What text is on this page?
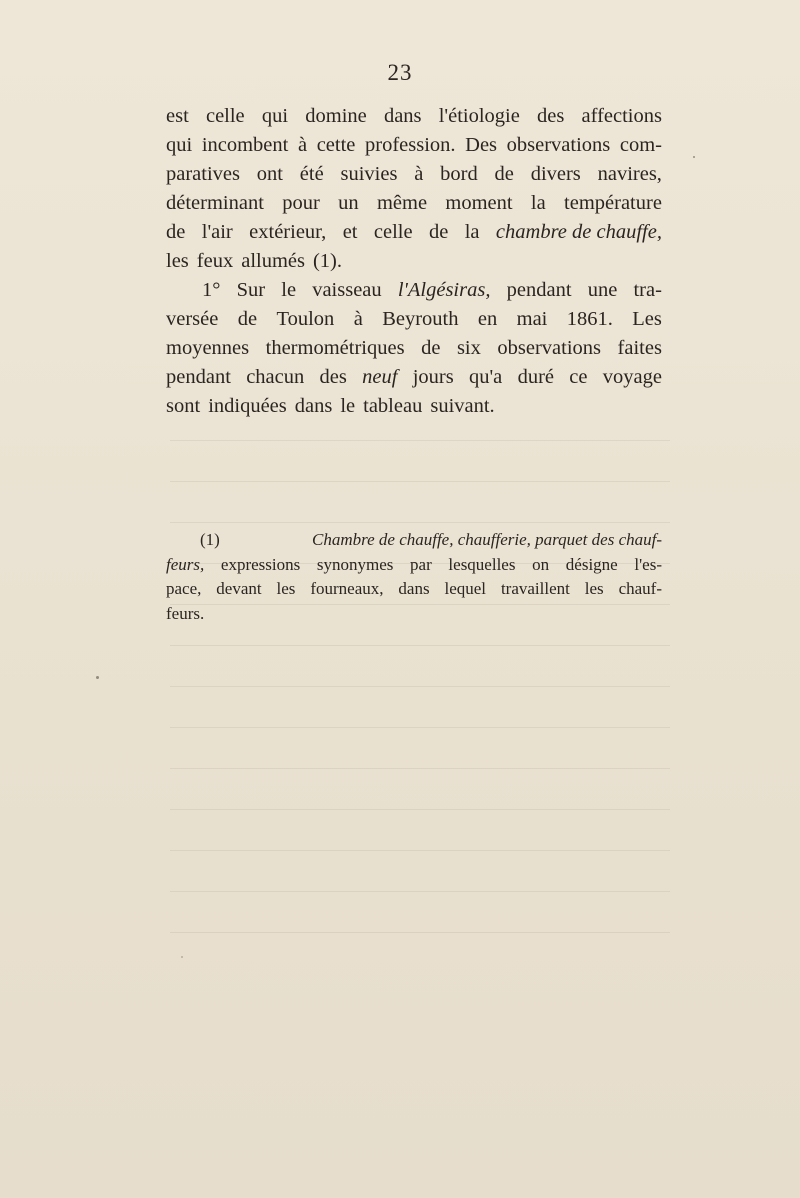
23
est celle qui domine dans l'étiologie des affections
qui incombent à cette profession. Des observations com-
paratives ont été suivies à bord de divers navires,
déterminant pour un même moment la température
de l'air extérieur, et celle de la chambre de chauffe,
les feux allumés (1).
1° Sur le vaisseau l'Algésiras, pendant une tra-
versée de Toulon à Beyrouth en mai 1861. Les
moyennes thermométriques de six observations faites
pendant chacun des neuf jours qu'a duré ce voyage
sont indiquées dans le tableau suivant.
(1)	Chambre de chauffe, chaufferie, parquet des chauf-
feurs, expressions synonymes par lesquelles on désigne l'es-
pace, devant les fourneaux, dans lequel travaillent les chauf-
feurs.
